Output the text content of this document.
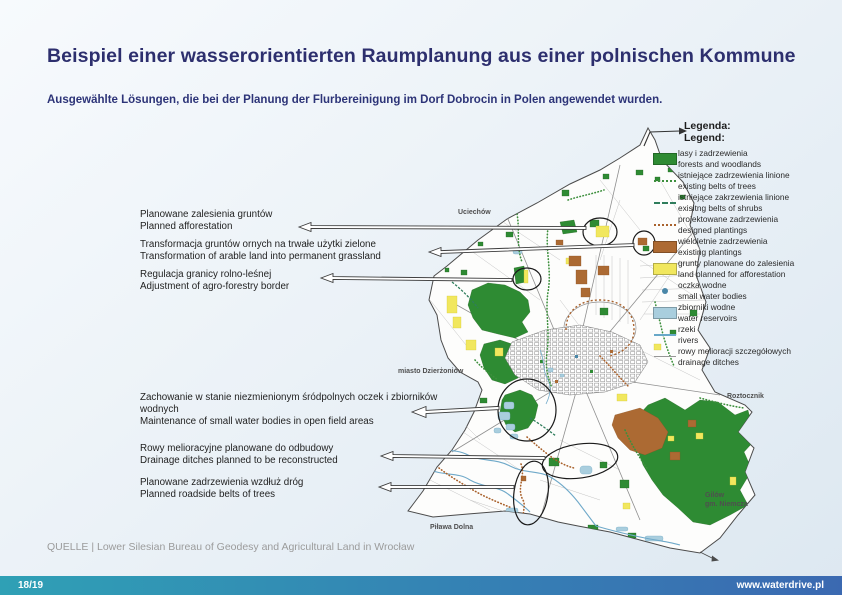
Beispiel einer wasserorientierten Raumplanung aus einer polnischen Kommune
Ausgewählte Lösungen, die bei der Planung der Flurbereinigung im Dorf Dobrocin in Polen angewendet wurden.
Uciechów
miasto Dzierżoniów
Roztocznik
Gilów
gm. Niemcza
Piława Dolna
Legenda:
Legend:
lasy i zadrzewienia
forests and woodlands
istniejące zadrzewienia linione
existing belts of trees
istniejące zakrzewienia linione
exisitng belts of shrubs
projektowane zadrzewienia
designed plantings
wieloletnie zadrzewienia
existing plantings
grunty planowane do zalesienia
land planned for afforestation
oczka wodne
small water bodies
zbiorniki wodne
water reservoirs
rzeki
rivers
rowy melioracji szczegółowych
drainage ditches
Planowane zalesienia gruntów
Planned afforestation
Transformacja gruntów ornych na trwałe użytki zielone
Transformation of arable land into permanent grassland
Regulacja granicy rolno-leśnej
Adjustment of agro-forestry border
Zachowanie w stanie niezmienionym śródpolnych oczek i zbiorników wodnych
Maintenance of small water bodies in open field areas
Rowy melioracyjne planowane do odbudowy
Drainage ditches planned to be reconstructed
Planowane zadrzewienia wzdłuż dróg
Planned roadside belts of trees
QUELLE | Lower Silesian Bureau of Geodesy and Agricultural Land in Wrocław
18/19	www.waterdrive.pl
